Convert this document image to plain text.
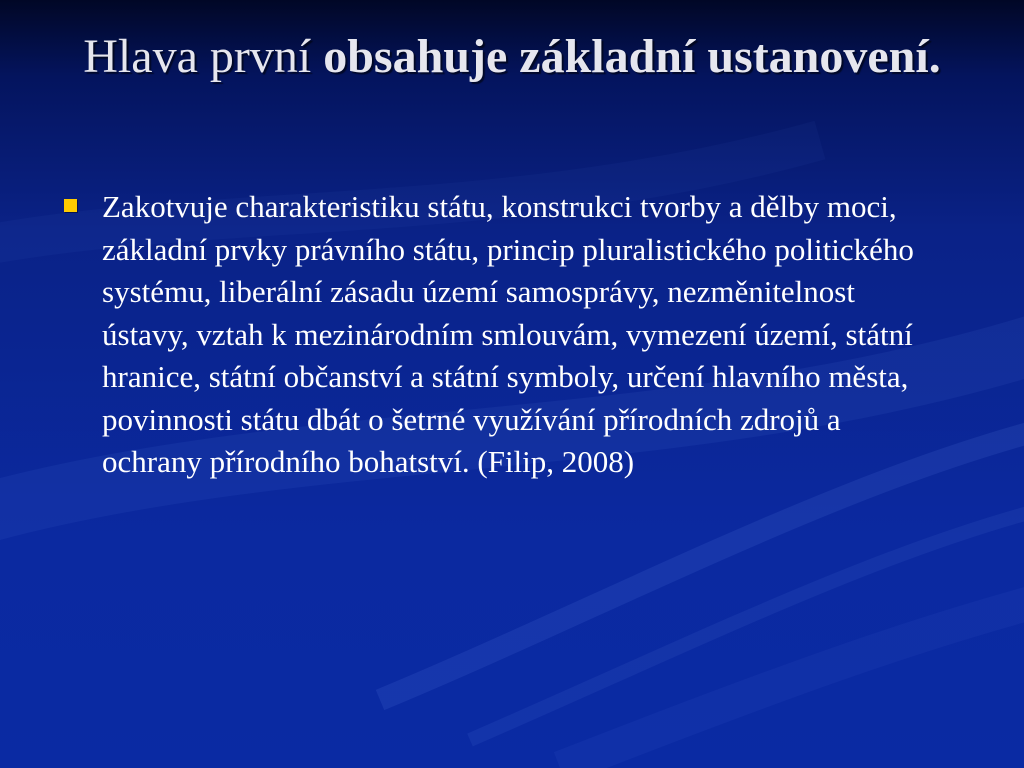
Hlava první obsahuje základní ustanovení.
Zakotvuje charakteristiku státu, konstrukci tvorby a dělby moci, základní prvky právního státu, princip pluralistického politického systému, liberální zásadu území samosprávy, nezměnitelnost ústavy, vztah k mezinárodním smlouvám, vymezení území, státní hranice, státní občanství a státní symboly, určení hlavního města, povinnosti státu dbát o šetrné využívání přírodních zdrojů a ochrany přírodního bohatství. (Filip, 2008)
